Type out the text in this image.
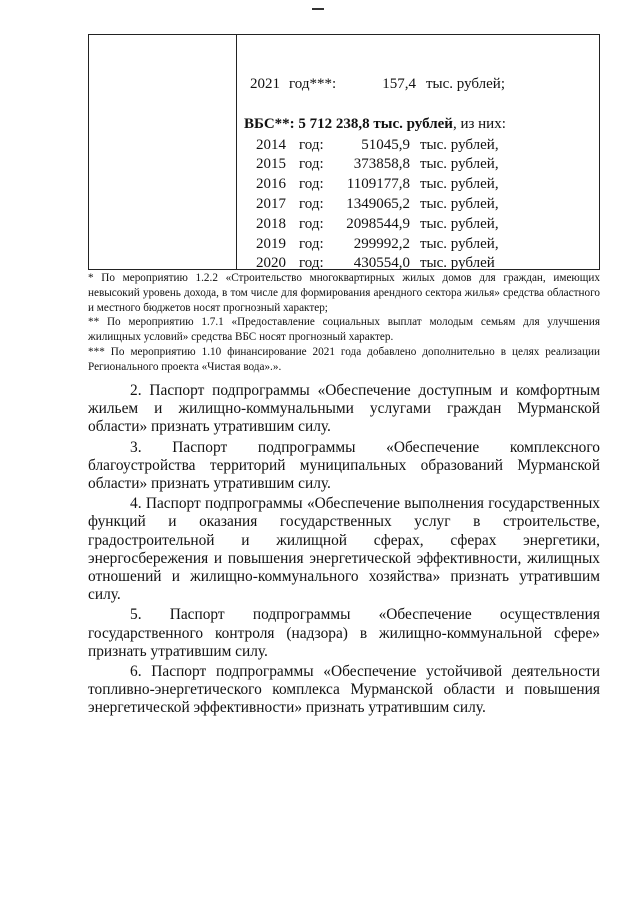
2021 год***:	157,4 тыс. рублей;
ВБС**: 5 712 238,8 тыс. рублей, из них:
2014 год:	51045,9 тыс. рублей,
2015 год:	373858,8 тыс. рублей,
2016 год:	1109177,8 тыс. рублей,
2017 год:	1349065,2 тыс. рублей,
2018 год:	2098544,9 тыс. рублей,
2019 год:	299992,2 тыс. рублей,
2020 год:	430554,0 тыс. рублей

* По мероприятию 1.2.2 «Строительство многоквартирных жилых домов для граждан, имеющих невысокий уровень дохода, в том числе для формирования арендного сектора жилья» средства областного и местного бюджетов носят прогнозный характер;

** По мероприятию 1.7.1 «Предоставление социальных выплат молодым семьям для улучшения жилищных условий» средства ВБС носят прогнозный характер.

*** По мероприятию 1.10 финансирование 2021 года добавлено дополнительно в целях реализации Регионального проекта «Чистая вода».».

2. Паспорт подпрограммы «Обеспечение доступным и комфортным жильем и жилищно-коммунальными услугами граждан Мурманской области» признать утратившим силу.

3. Паспорт подпрограммы «Обеспечение комплексного благоустройства территорий муниципальных образований Мурманской области» признать утратившим силу.

4. Паспорт подпрограммы «Обеспечение выполнения государственных функций и оказания государственных услуг в строительстве, градостроительной и жилищной сферах, сферах энергетики, энергосбережения и повышения энергетической эффективности, жилищных отношений и жилищно-коммунального хозяйства» признать утратившим силу.

5. Паспорт подпрограммы «Обеспечение осуществления государственного контроля (надзора) в жилищно-коммунальной сфере» признать утратившим силу.

6. Паспорт подпрограммы «Обеспечение устойчивой деятельности топливно-энергетического комплекса Мурманской области и повышения энергетической эффективности» признать утратившим силу.
